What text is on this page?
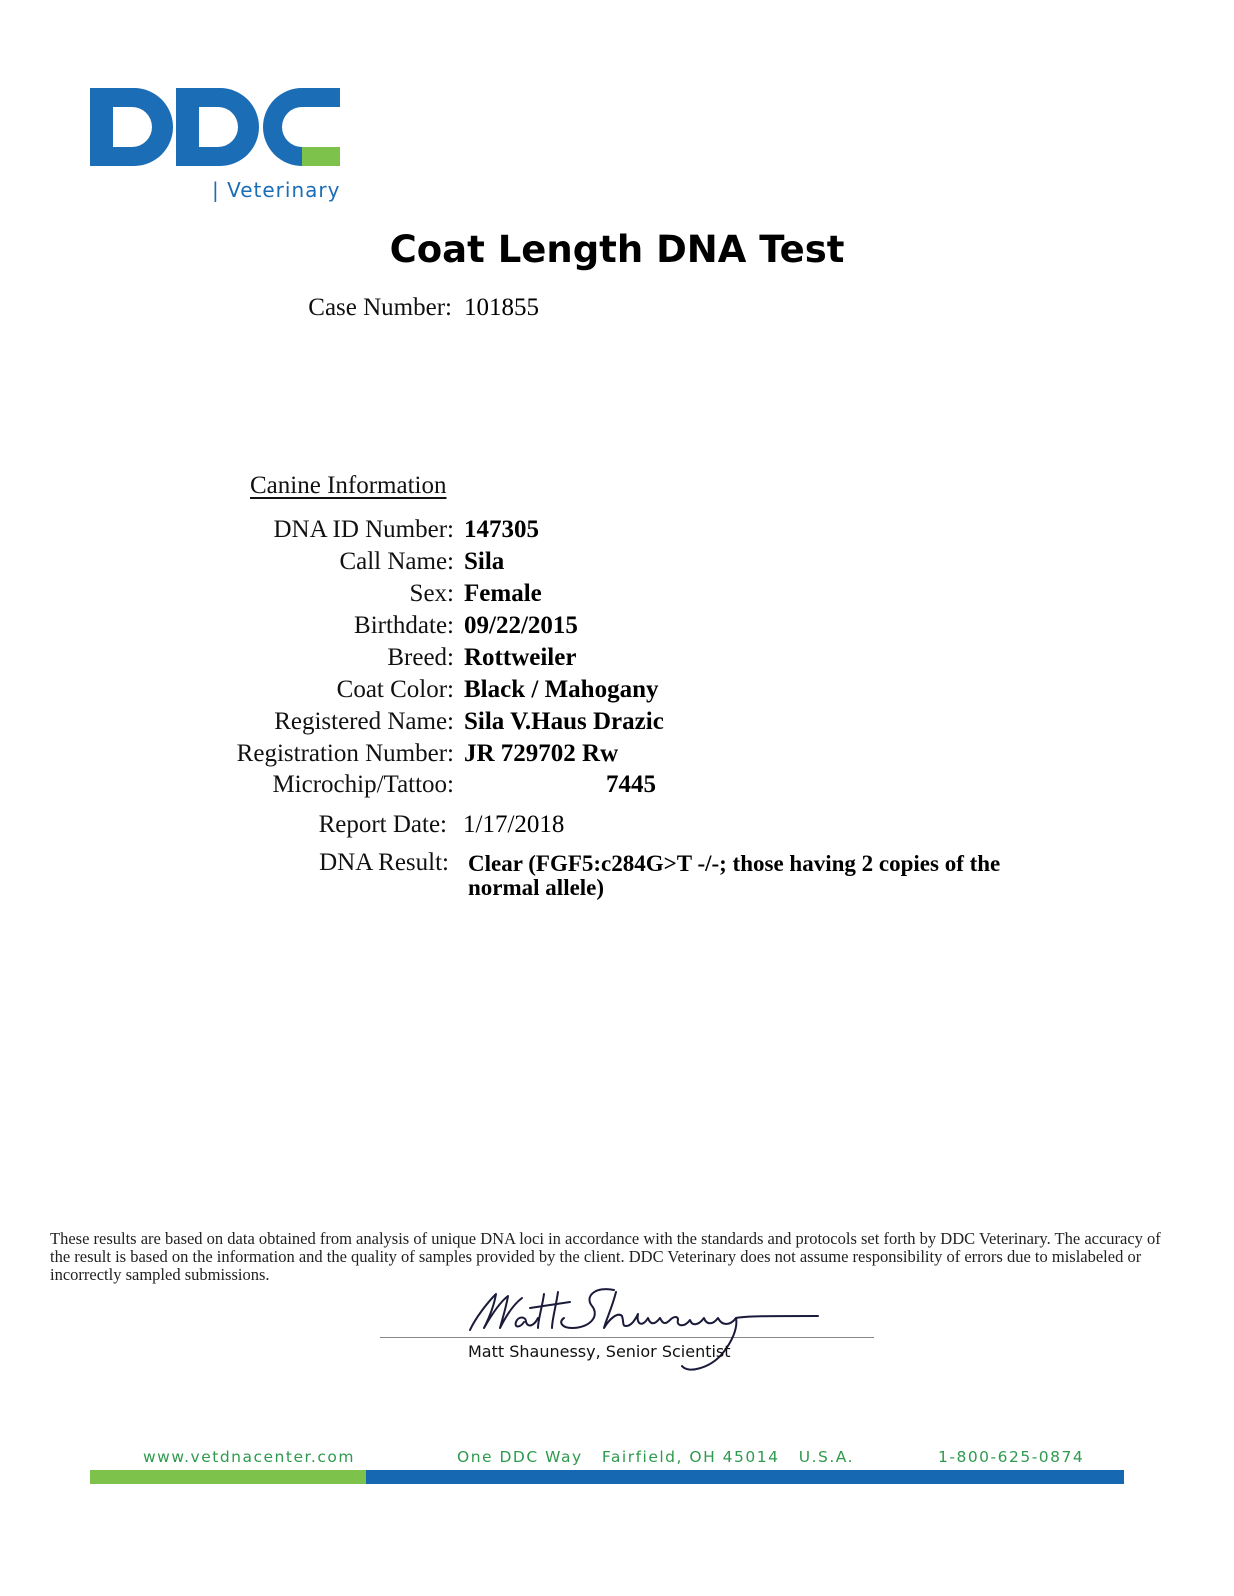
| Veterinary
Coat Length DNA Test
Case Number: 101855
Canine Information
DNA ID Number: 147305
Call Name: Sila
Sex: Female
Birthdate: 09/22/2015
Breed: Rottweiler
Coat Color: Black / Mahogany
Registered Name: Sila V.Haus Drazic
Registration Number: JR 729702 Rw
Microchip/Tattoo:	7445
Report Date: 1/17/2018
DNA Result: Clear (FGF5:c284G>T -/-; those having 2 copies of the normal allele)
These results are based on data obtained from analysis of unique DNA loci in accordance with the standards and protocols set forth by DDC Veterinary. The accuracy of the result is based on the information and the quality of samples provided by the client. DDC Veterinary does not assume responsibility of errors due to mislabeled or incorrectly sampled submissions.
Matt Shaunessy, Senior Scientist
www.vetdnacenter.com	One DDC Way   Fairfield, OH 45014   U.S.A.	1-800-625-0874
